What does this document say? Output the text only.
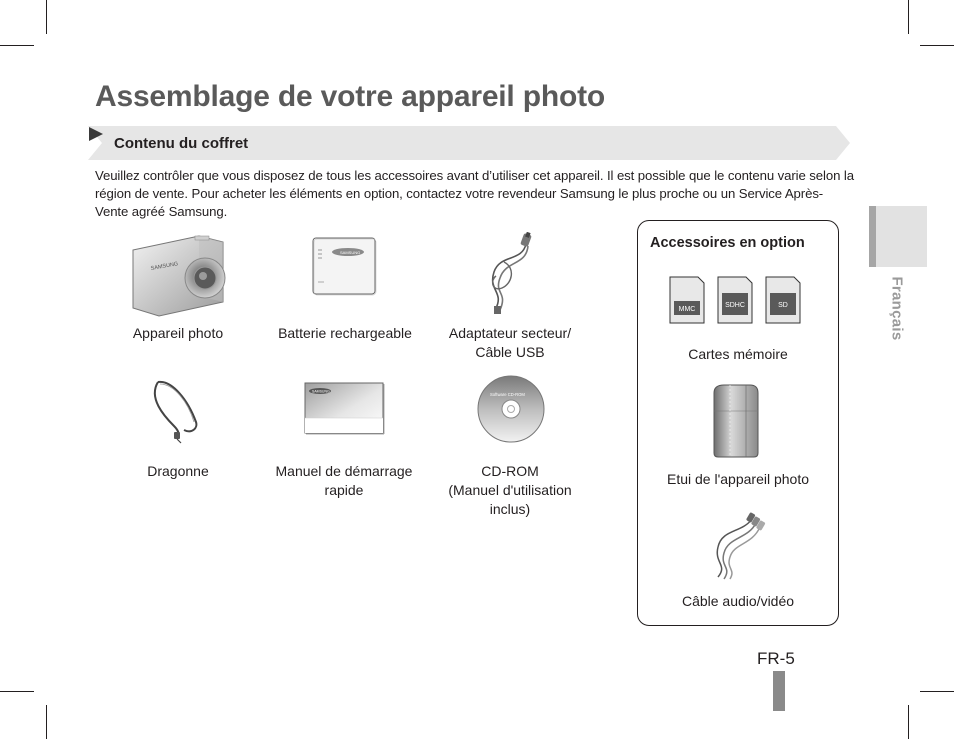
Assemblage de votre appareil photo
Contenu du coffret

Veuillez contrôler que vous disposez de tous les accessoires avant d’utiliser cet appareil. Il est possible que le contenu varie selon la région de vente. Pour acheter les éléments en option, contactez votre revendeur Samsung le plus proche ou un Service Après-Vente agréé Samsung.

SAMSUNG
Appareil photo
SAMSUNG
Batterie rechargeable	Adaptateur secteur/
Câble USB
Dragonne
SAMSUNG
Manuel de démarrage
rapide
Software CD-ROM
CD-ROM
(Manuel d'utilisation
inclus)
Accessoires en option
MMC
SDHC	SD
Cartes mémoire
Etui de l'appareil photo
Câble audio/vidéo
Français
FR-5
